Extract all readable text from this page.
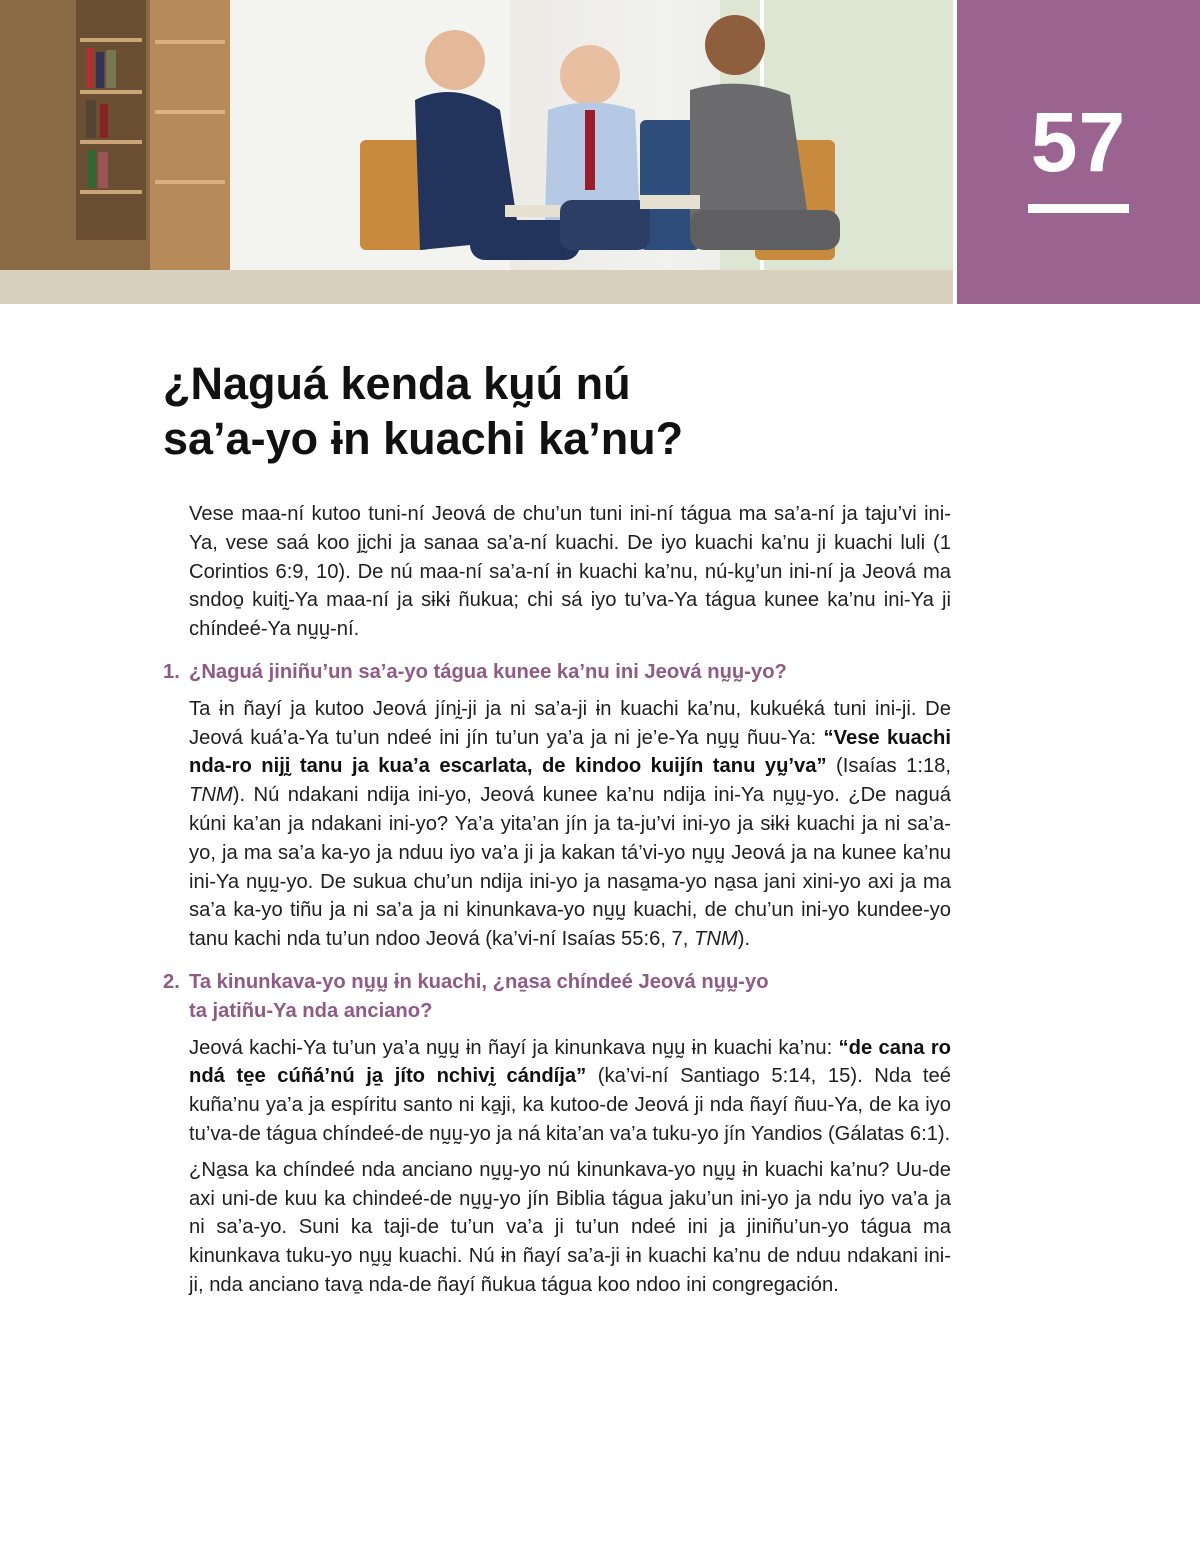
57
¿Naguá kenda kṵú nú
sa’a-yo ɨn kuachi ka’nu?

Vese maa-ní kutoo tuni-ní Jeová de chu’un tuni ini-ní tágua ma sa’a-ní ja taju’vi ini-Ya, vese saá koo jḭchi ja sanaa sa’a-ní kuachi. De iyo kuachi ka’nu ji kuachi luli (1 Corintios 6:9, 10). De nú maa-ní sa’a-ní ɨn kuachi ka’nu, nú-kṵ’un ini-ní ja Jeová ma sndoo̱ kuitḭ-Ya maa-ní ja sɨkɨ ñukua; chi sá iyo tu’va-Ya tágua kunee ka’nu ini-Ya ji chíndeé-Ya nṵṵ-ní.

1. ¿Naguá jiniñu’un sa’a-yo tágua kunee ka’nu ini Jeová nṵṵ-yo?

Ta ɨn ñayí ja kutoo Jeová jínḭ-ji ja ni sa’a-ji ɨn kuachi ka’nu, kukuéká tuni ini-ji. De Jeová kuá’a-Ya tu’un ndeé ini jín tu’un ya’a ja ni je’e-Ya nṵṵ ñuu-Ya: “Vese kuachi nda-ro nijḭ tanu ja kua’a escarlata, de kindoo kuijín tanu yṵ’va” (Isaías 1:18, TNM). Nú ndakani ndija ini-yo, Jeová kunee ka’nu ndija ini-Ya nṵṵ-yo. ¿De naguá kúni ka’an ja ndakani ini-yo? Ya’a yita’an jín ja ta-ju’vi ini-yo ja sɨkɨ kuachi ja ni sa’a-yo, ja ma sa’a ka-yo ja nduu iyo va’a ji ja kakan tá’vi-yo nṵṵ Jeová ja na kunee ka’nu ini-Ya nṵṵ-yo. De sukua chu’un ndija ini-yo ja nasa̱ma-yo na̱sa jani xini-yo axi ja ma sa’a ka-yo tiñu ja ni sa’a ja ni kinunkava-yo nṵṵ kuachi, de chu’un ini-yo kundee-yo tanu kachi nda tu’un ndoo Jeová (ka’vi-ní Isaías 55:6, 7, TNM).

2. Ta kinunkava-yo nṵṵ ɨn kuachi, ¿na̱sa chíndeé Jeová nṵṵ-yo
ta jatiñu-Ya nda anciano?

Jeová kachi-Ya tu’un ya’a nṵṵ ɨn ñayí ja kinunkava nṵṵ ɨn kuachi ka’nu: “de cana ro ndá te̱e cúñá’nú ja̱ jíto nchivḭ cándíja” (ka’vi-ní Santiago 5:14, 15). Nda teé kuña’nu ya’a ja espíritu santo ni ka̱ji, ka kutoo-de Jeová ji nda ñayí ñuu-Ya, de ka iyo tu’va-de tágua chíndeé-de nṵṵ-yo ja ná kita’an va’a tuku-yo jín Yandios (Gálatas 6:1).

¿Na̱sa ka chíndeé nda anciano nṵṵ-yo nú kinunkava-yo nṵṵ ɨn kuachi ka’nu? Uu-de axi uni-de kuu ka chindeé-de nṵṵ-yo jín Biblia tágua jaku’un ini-yo ja ndu iyo va’a ja ni sa’a-yo. Suni ka taji-de tu’un va’a ji tu’un ndeé ini ja jiniñu’un-yo tágua ma kinunkava tuku-yo nṵṵ kuachi. Nú ɨn ñayí sa’a-ji ɨn kuachi ka’nu de nduu ndakani ini-ji, nda anciano tava̱ nda-de ñayí ñukua tágua koo ndoo ini congregación.
